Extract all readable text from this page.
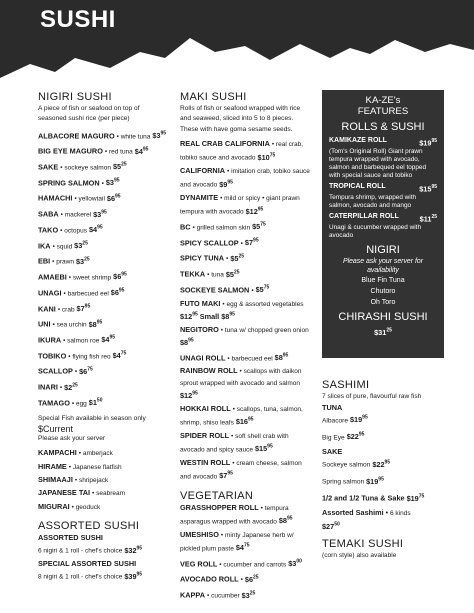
SUSHI
NIGIRI SUSHI
A piece of fish or seafood on top of seasoned sushi rice (per piece)
ALBACORE MAGURO • white tuna $\$3^{95}$
BIG EYE MAGURO • red tuna $\$4^{95}$
SAKE • sockeye salmon $\$5^{25}$
SPRING SALMON • $\$3^{95}$
HAMACHI • yellowtail $\$6^{95}$
SABA • mackerel $\$3^{95}$
TAKO • octopus $\$4^{95}$
IKA • squid $\$3^{25}$
EBI • prawn $\$3^{25}$
AMAEBI • sweet shrimp $\$6^{95}$
UNAGI • barbecued eel $\$6^{95}$
KANI • crab $\$7^{95}$
UNI • sea urchin $\$8^{95}$
IKURA • salmon roe $\$4^{95}$
TOBIKO • flying fish reo $\$4^{75}$
SCALLOP • $\$6^{75}$
INARI • $\$2^{25}$
TAMAGO • egg $\$1^{50}$
Special Fish available in season only
$Current
Please ask your server
KAMPACHI • amberjack
HIRAME • Japanese flatfish
SHIMAAJI • shripejack
JAPANESE TAI • seabream
MIGURAI • geoduck
ASSORTED SUSHI
ASSORTED SUSHI
6 nigiri & 1 roll - chef's choice $\$32^{95}$
SPECIAL ASSORTED SUSHI
8 nigiri & 1 roll - chef's choice $\$39^{95}$
MAKI SUSHI
Rolls of fish or seafood wrapped with rice and seaweed, sliced into 5 to 8 pieces. These with have goma sesame seeds.
REAL CRAB CALIFORNIA • real crab, tobiko sauce and avocado $\$10^{75}$
CALIFORNIA • imitation crab, tobiko sauce and avocado $\$9^{95}$
DYNAMITE • mild or spicy • giant prawn tempura with avocado $\$12^{95}$
BC • grilled salmon skin $\$5^{75}$
SPICY SCALLOP • $\$7^{95}$
SPICY TUNA • $\$5^{25}$
TEKKA • tuna $\$5^{25}$
SOCKEYE SALMON • $\$5^{75}$
FUTO MAKI • egg & assorted vegetables $\$12^{95}$ Small $\$8^{95}$
NEGITORO • tuna w/ chopped green onion $\$8^{95}$
UNAGI ROLL • barbecued eel $\$8^{95}$
RAINBOW ROLL • scallops with daikon sprout wrapped with avocado and salmon $\$12^{95}$
HOKKAI ROLL • scallops, tuna, salmon, shrimp, shiso leafs $\$16^{95}$
SPIDER ROLL • soft shell crab with avocado and spicy sauce $\$15^{95}$
WESTIN ROLL • cream cheese, salmon and avocado $\$7^{95}$
VEGETARIAN
GRASSHOPPER ROLL • tempura asparagus wrapped with avocado $\$8^{95}$
UMESHISO • minty Japanese herb w/ pickled plum paste $\$4^{75}$
VEG ROLL • cucumber and carrots $\$3^{00}$
AVOCADO ROLL • $\$6^{25}$
KAPPA • cucumber $\$3^{25}$
KA-ZE's
FEATURES
ROLLS & SUSHI
KAMIKAZE ROLL	$\$19^{95}$
(Tom's Original Roll) Giant prawn tempura wrapped with avocado, salmon and barbequed eel topped with special sauce and tobiko
TROPICAL ROLL	$\$15^{95}$
Tempura shrimp, wrapped with salmon, avocado and mango
CATERPILLAR ROLL	$\$11^{25}$
Unagi & cucumber wrapped with avocado
NIGIRI
Please ask your server for availability
Blue Fin Tuna
Chutoro
Oh Toro
CHIRASHI SUSHI
$\$31^{25}$
SASHIMI
7 slices of pure, flavourful raw fish
TUNA
Albacore $\$19^{95}$
Big Eye $\$22^{95}$
SAKE
Sockeye salmon $\$22^{95}$
Spring salmon $\$19^{95}$
1/2 and 1/2 Tuna & Sake $\$19^{75}$
Assorted Sashimi • 6 kinds
$\$27^{50}$
TEMAKI SUSHI
(corn style) also available
